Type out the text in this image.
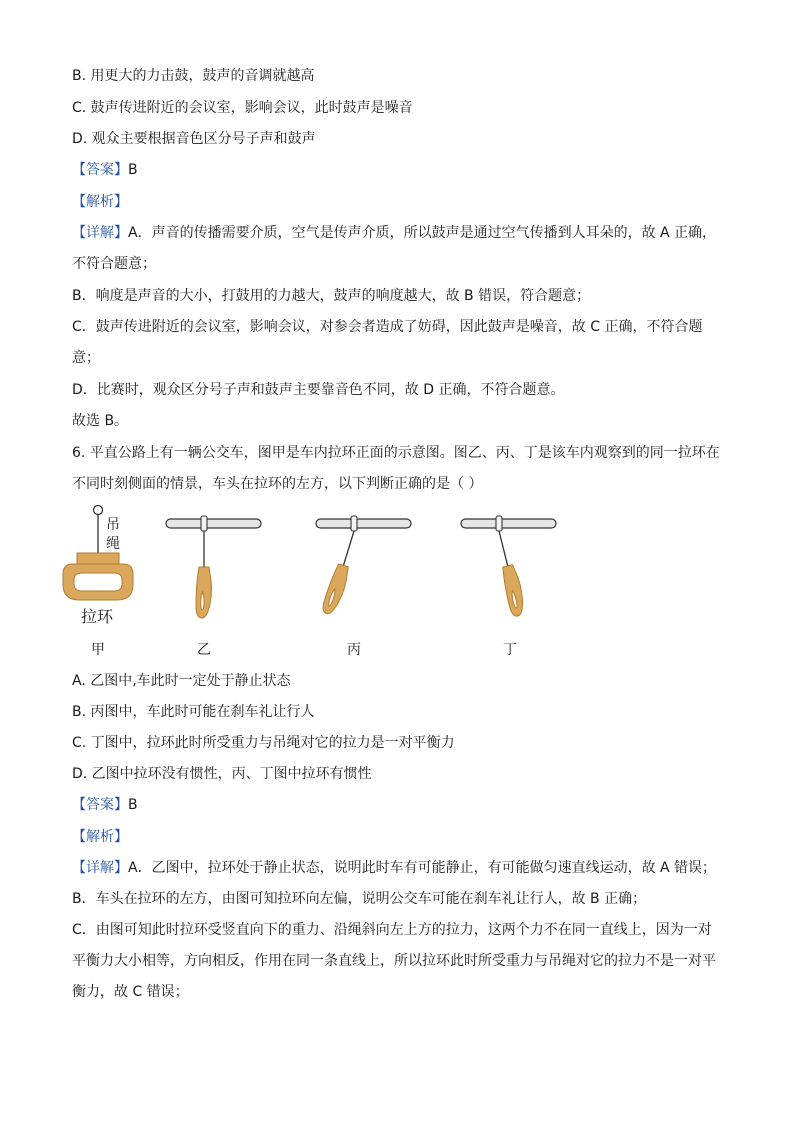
B. 用更大的力击鼓，鼓声的音调就越高
C. 鼓声传进附近的会议室，影响会议，此时鼓声是噪音
D. 观众主要根据音色区分号子声和鼓声
【答案】B
【解析】
【详解】A．声音的传播需要介质，空气是传声介质，所以鼓声是通过空气传播到人耳朵的，故 A 正确，
不符合题意；
B．响度是声音的大小，打鼓用的力越大，鼓声的响度越大，故 B 错误，符合题意；
C．鼓声传进附近的会议室，影响会议，对参会者造成了妨碍，因此鼓声是噪音，故 C 正确，不符合题
意；
D．比赛时，观众区分号子声和鼓声主要靠音色不同，故 D 正确，不符合题意。
故选 B。
6. 平直公路上有一辆公交车，图甲是车内拉环正面的示意图。图乙、丙、丁是该车内观察到的同一拉环在
不同时刻侧面的情景，车头在拉环的左方，以下判断正确的是（ ）
吊
绳
拉环
甲	乙	丙	丁
A. 乙图中,车此时一定处于静止状态
B. 丙图中，车此时可能在刹车礼让行人
C. 丁图中，拉环此时所受重力与吊绳对它的拉力是一对平衡力
D. 乙图中拉环没有惯性，丙、丁图中拉环有惯性
【答案】B
【解析】
【详解】A．乙图中，拉环处于静止状态，说明此时车有可能静止，有可能做匀速直线运动，故 A 错误；
B．车头在拉环的左方，由图可知拉环向左偏，说明公交车可能在刹车礼让行人，故 B 正确；
C．由图可知此时拉环受竖直向下的重力、沿绳斜向左上方的拉力，这两个力不在同一直线上，因为一对
平衡力大小相等，方向相反，作用在同一条直线上，所以拉环此时所受重力与吊绳对它的拉力不是一对平
衡力，故 C 错误；
